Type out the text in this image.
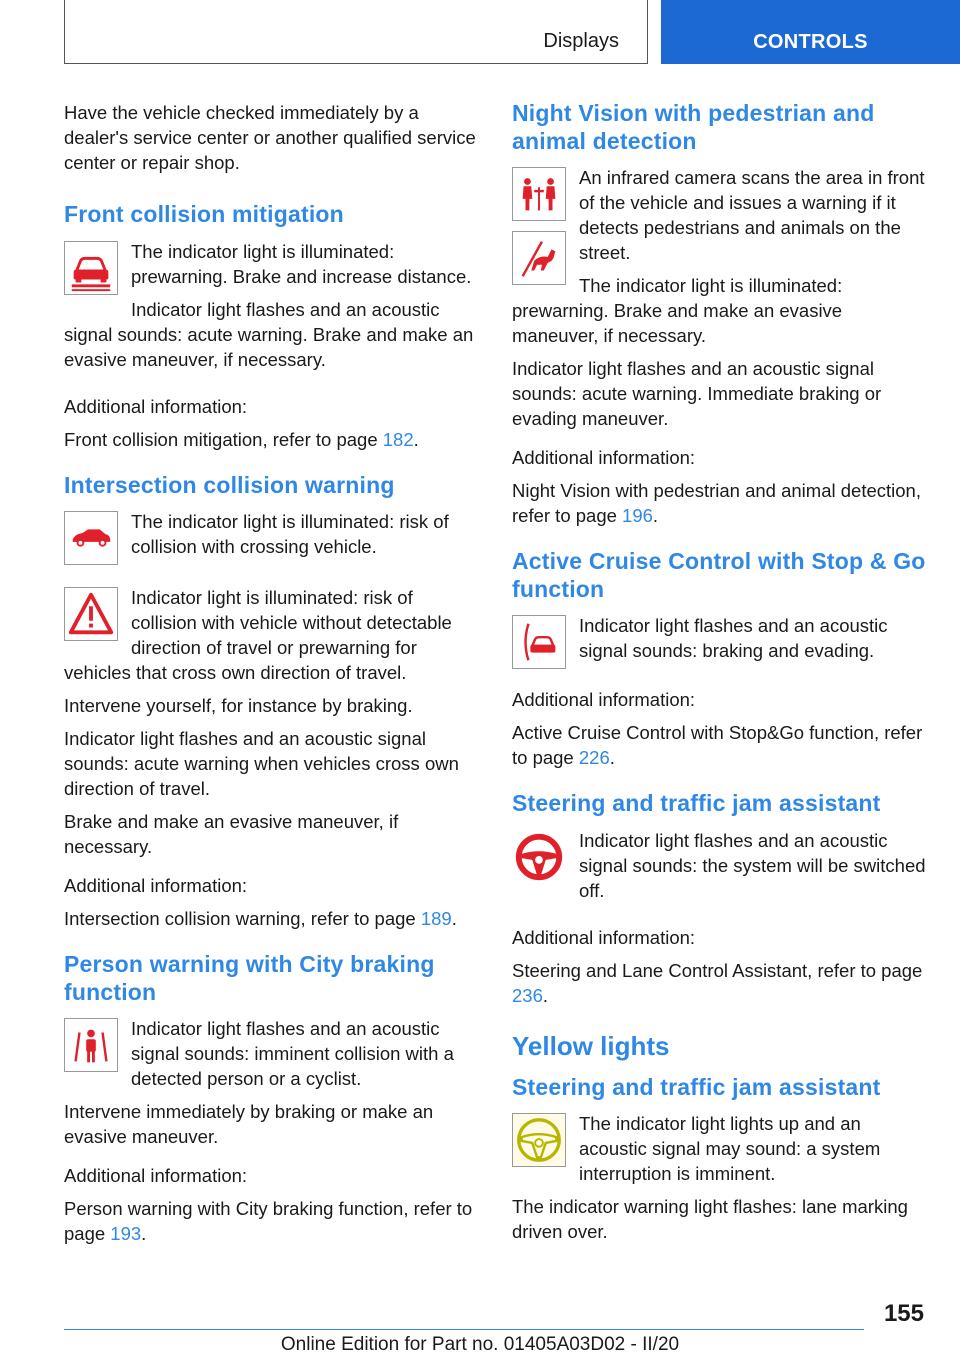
Displays	CONTROLS

Have the vehicle checked immediately by a dealer's service center or another qualified service center or repair shop.

Front collision mitigation

The indicator light is illuminated: prewarning. Brake and increase distance.

Indicator light flashes and an acoustic signal sounds: acute warning. Brake and make an evasive maneuver, if necessary.

Additional information:

Front collision mitigation, refer to page 182.

Intersection collision warning

The indicator light is illuminated: risk of collision with crossing vehicle.

Indicator light is illuminated: risk of collision with vehicle without detectable direction of travel or prewarning for vehicles that cross own direction of travel.

Intervene yourself, for instance by braking.

Indicator light flashes and an acoustic signal sounds: acute warning when vehicles cross own direction of travel.

Brake and make an evasive maneuver, if necessary.

Additional information:

Intersection collision warning, refer to page 189.

Person warning with City braking function

Indicator light flashes and an acoustic signal sounds: imminent collision with a detected person or a cyclist.

Intervene immediately by braking or make an evasive maneuver.

Additional information:

Person warning with City braking function, refer to page 193.

Night Vision with pedestrian and animal detection

An infrared camera scans the area in front of the vehicle and issues a warning if it detects pedestrians and animals on the street.

The indicator light is illuminated: prewarning. Brake and make an evasive maneuver, if necessary.

Indicator light flashes and an acoustic signal sounds: acute warning. Immediate braking or evading maneuver.

Additional information:

Night Vision with pedestrian and animal detection, refer to page 196.

Active Cruise Control with Stop & Go function

Indicator light flashes and an acoustic signal sounds: braking and evading.

Additional information:

Active Cruise Control with Stop&Go function, refer to page 226.

Steering and traffic jam assistant

Indicator light flashes and an acoustic signal sounds: the system will be switched off.

Additional information:

Steering and Lane Control Assistant, refer to page 236.

Yellow lights
Steering and traffic jam assistant

The indicator light lights up and an acoustic signal may sound: a system interruption is imminent.

The indicator warning light flashes: lane marking driven over.

155
Online Edition for Part no. 01405A03D02 - II/20
